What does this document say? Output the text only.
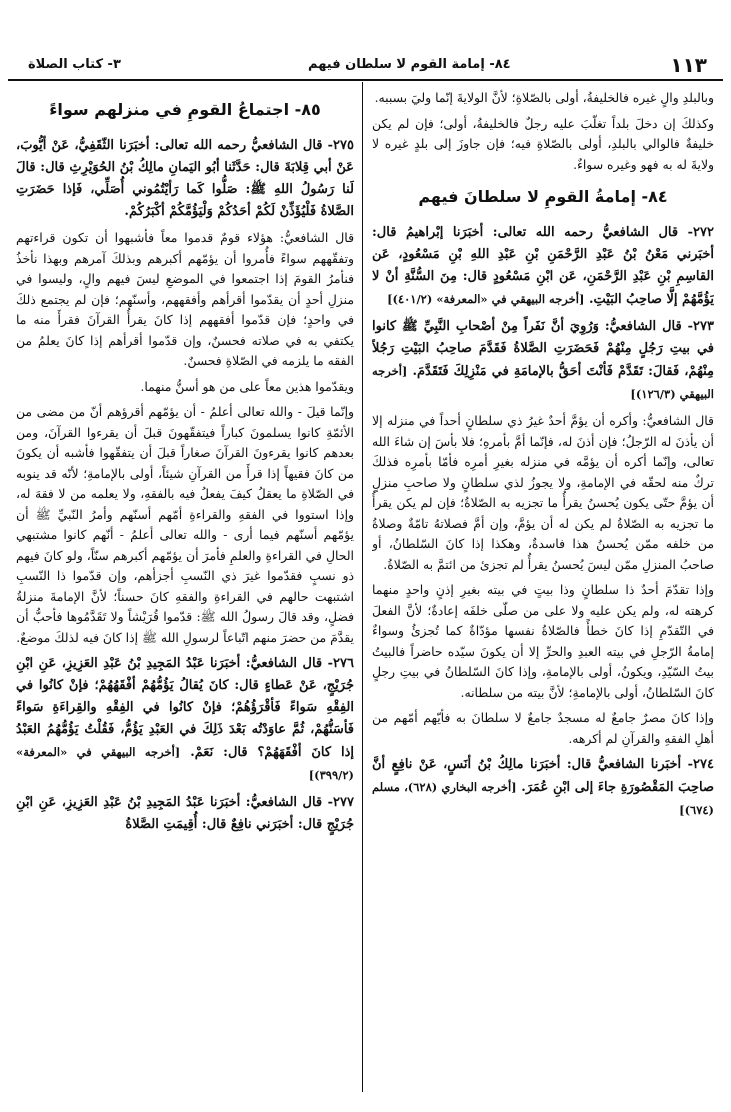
١١٣
٨٤- إمامة القوم لا سلطان فيهم
٣- كتاب الصلاة

وبالبلدِ والٍ غيره فالخليفةُ، أولى بالصّلاةِ؛ لأنَّ الولايةَ إنّما وليَ بسببه.

وكذلكَ إن دخلَ بلداً تغلّبَ عليه رجلٌ فالخليفةُ، أولى؛ فإن لم يكن خليفةٌ فالوالي بالبلدِ، أولى بالصّلاةِ فيه؛ فإن جاوزَ إلى بلدٍ غيره لا ولايةَ له به فهو وغيره سواءٌ.

٨٤- إمامةُ القومِ لا سلطانَ فيهم

٢٧٢- قال الشافعيُّ رحمه الله تعالى: أخبَرَنا إبْراهيمُ قال: أخبَرني مَعْنُ بْنُ عَبْدِ الرَّحْمَنِ بْنِ عَبْدِ اللهِ بْنِ مَسْعُودٍ، عَن القاسِمِ بْنِ عَبْدِ الرَّحْمَنِ، عَن ابْنِ مَسْعُودٍ قال: مِنَ السُّنَّةِ أنْ لا يَؤُمَّهُمْ إلَّا صاحِبُ البَيْتِ. [أخرجه البيهقي في «المعرفة» (٤٠١/٢)]

٢٧٣- قال الشافعيُّ: وَرُوِيَ أنَّ نَفَراً مِنْ أصْحابِ النَّبِيِّ ﷺ كانوا في بيتِ رَجُلٍ مِنْهُمْ فَحَضَرَتِ الصَّلاةُ فَقَدَّمَ صاحِبُ البَيْتِ رَجُلاً مِنْهُمْ، فَقالَ: تَقَدَّمْ فَأنْتَ أحَقُّ بالإمامَةِ في مَنْزِلِكَ فَتَقَدَّمَ. [أخرجه البيهقي (١٢٦/٣)]

قال الشافعيُّ: وأكره أن يؤمَّ أحدٌ غيرُ ذي سلطانٍ أحداً في منزله إلا أن يأذنَ له الرّجلُ؛ فإن أذنَ له، فإنّما أمَّ بأمرهِ؛ فلا بأسَ إن شاءَ الله تعالى، وإنّما أكره أن يؤمَّه في منزله بغيرِ أمرِه فأمّا بأمرِه فذلكَ تركٌ منه لحقّه في الإمامةِ، ولا يجوزُ لذي سلطانٍ ولا صاحبِ منزلٍ أن يؤمَّ حتّى يكون يُحسنُ يقرأُ ما تجزيه به الصّلاةُ؛ فإن لم يكن يقرأُ ما تجزيه به الصّلاةُ لم يكن له أن يؤمَّ، وإن أمَّ فصلاتهُ تامّةٌ وصلاةُ من خلفه ممّن يُحسنُ هذا فاسدةٌ، وهكذا إذا كانَ السّلطانُ، أو صاحبُ المنزلِ ممّن ليسَ يُحسنُ يقرأُ لم تجزئ من ائتمَّ به الصّلاةُ.

وإذا تقدّمَ أحدٌ ذا سلطانٍ وذا بيتٍ في بيته بغيرِ إذنٍ واحدٍ منهما كرهته له، ولم يكن عليه ولا على من صلّى خلفَه إعادةٌ؛ لأنَّ الفعلَ في التّقدّمِ إذا كانَ خطأً فالصّلاةُ نفسها مؤدّاةٌ كما تُجزئُ وسواءٌ إمامةُ الرّجلِ في بيته العبدِ والحرِّ إلا أن يكونَ سيّده حاضراً فالبيتُ بيتُ السّيّدِ، ويكونُ، أولى بالإمامةِ، وإذا كانَ السّلطانُ في بيتِ رجلٍ كانَ السّلطانُ، أولى بالإمامةِ؛ لأنَّ بيته من سلطانه.

وإذا كانَ مصرٌ جامعٌ له مسجدٌ جامعٌ لا سلطانَ به فأيّهم أمّهم من أهلِ الفقهِ والقرآنِ لم أكرهه.

٢٧٤- أخبَرنا الشافعيُّ قال: أخبَرَنا مالِكُ بْنُ أنَسٍ، عَنْ نافِعٍ أنَّ صاحِبَ المَقْصُورَةِ جاءَ إلى ابْنِ عُمَرَ. [أخرجه البخاري (٦٢٨)، مسلم (٦٧٤)]

٨٥- اجتماعُ القومِ في منزلهم سواءً

٢٧٥- قال الشافعيُّ رحمه الله تعالى: أخبَرَنا الثّقَفِيُّ، عَنْ أيُّوبَ، عَنْ أبي قِلابَةَ قال: حَدَّثَنا أبُو اليَمانِ مالِكُ بْنُ الحُوَيْرِثِ قال: قالَ لَنا رَسُولُ اللهِ ﷺ: صَلُّوا كَما رَأيْتُمُوني أُصَلِّي، فَإذا حَضَرَتِ الصَّلاةُ فَلْيُؤَذِّنْ لَكُمْ أحَدُكُمْ وَلْيَؤُمَّكُمْ أكْبَرُكُمْ.

قال الشافعيُّ: هؤلاء قومٌ قدموا معاً فأشبهوا أن تكون قراءتهم وتفقّههم سواءً فأُمروا أن يؤمّهم أكبرهم وبذلكَ آمرهم وبهذا نأخذُ فنأمرُ القومَ إذا اجتمعوا في الموضعِ ليسَ فيهم والٍ، وليسوا في منزلِ أحدٍ أن يقدّموا أقرأهم وأفقههم، وأسنّهم؛ فإن لم يجتمع ذلكَ في واحدٍ؛ فإن قدّموا أفقههم إذا كانَ يقرأُ القرآنَ فقرأَ منه ما يكتفي به في صلاته فحسنٌ، وإن قدّموا أقرأهم إذا كانَ يعلمُ من الفقه ما يلزمه في الصّلاةِ فحسنٌ.

ويقدّموا هذين معاً على من هو أسنُّ منهما.

وإنّما قيلَ - والله تعالى أعلمُ - أن يؤمّهم أقرؤهم أنّ من مضى من الأئمّةِ كانوا يسلمونَ كباراً فيتفقّهونَ قبلَ أن يقرءوا القرآنَ، ومن بعدهم كانوا يقرءونَ القرآنَ صغاراً قبلَ أن يتفقّهوا فأشبه أن يكونَ من كانَ فقيهاً إذا قرأَ من القرآنِ شيئاً، أولى بالإمامةِ؛ لأنّه قد ينوبه في الصّلاةِ ما يعقلُ كيفَ يفعلُ فيه بالفقهِ، ولا يعلمه من لا فقهَ له، وإذا استووا في الفقهِ والقراءةِ أمّهم أسنّهم وأمرُ النّبيِّ ﷺ أن يؤمّهم أسنّهم فيما أرى - والله تعالى أعلمُ - أنّهم كانوا مشتبهي الحالِ في القراءةِ والعلمِ فأمرَ أن يؤمّهم أكبرهم سنّاً، ولو كانَ فيهم ذو نسبٍ فقدّموا غيرَ ذي النّسبِ أجزأهم، وإن قدّموا ذا النّسبِ اشتبهت حالهم في القراءةِ والفقهِ كانَ حسناً؛ لأنَّ الإمامةَ منزلةُ فضلٍ، وقد قالَ رسولُ الله ﷺ: قدّموا قُرَيْشاً ولا تَقَدَّمُوها فأحبُّ أن يقدَّمَ من حضرَ منهم اتّباعاً لرسولِ الله ﷺ إذا كانَ فيه لذلكَ موضعٌ.

٢٧٦- قال الشافعيُّ: أخبَرَنا عَبْدُ المَجِيدِ بْنُ عَبْدِ العَزِيزِ، عَنِ ابْنِ جُرَيْجٍ، عَنْ عَطاءٍ قال: كانَ يُقالُ يَؤُمُّهُمْ أفْقَهُهُمْ؛ فإنْ كانُوا في الفِقْهِ سَواءً فَأقْرَؤُهُمْ؛ فإنْ كانُوا في الفِقْهِ والقِراءَةِ سَواءً فَأسَنُّهُمْ، ثُمَّ عاوَدْتُه بَعْدَ ذَلِكَ في العَبْدِ يَؤُمُّ، فَقُلْتُ يَؤُمُّهُمُ العَبْدُ إذا كانَ أفْقَهَهُمْ؟ قال: نَعَمْ. [أخرجه البيهقي في «المعرفة» (٣٩٩/٢)]

٢٧٧- قال الشافعيُّ: أخبَرَنا عَبْدُ المَجِيدِ بْنُ عَبْدِ العَزِيزِ، عَنِ ابْنِ جُرَيْجٍ قال: أخبَرَني نافِعٌ قال: أُقِيمَتِ الصَّلاةُ
